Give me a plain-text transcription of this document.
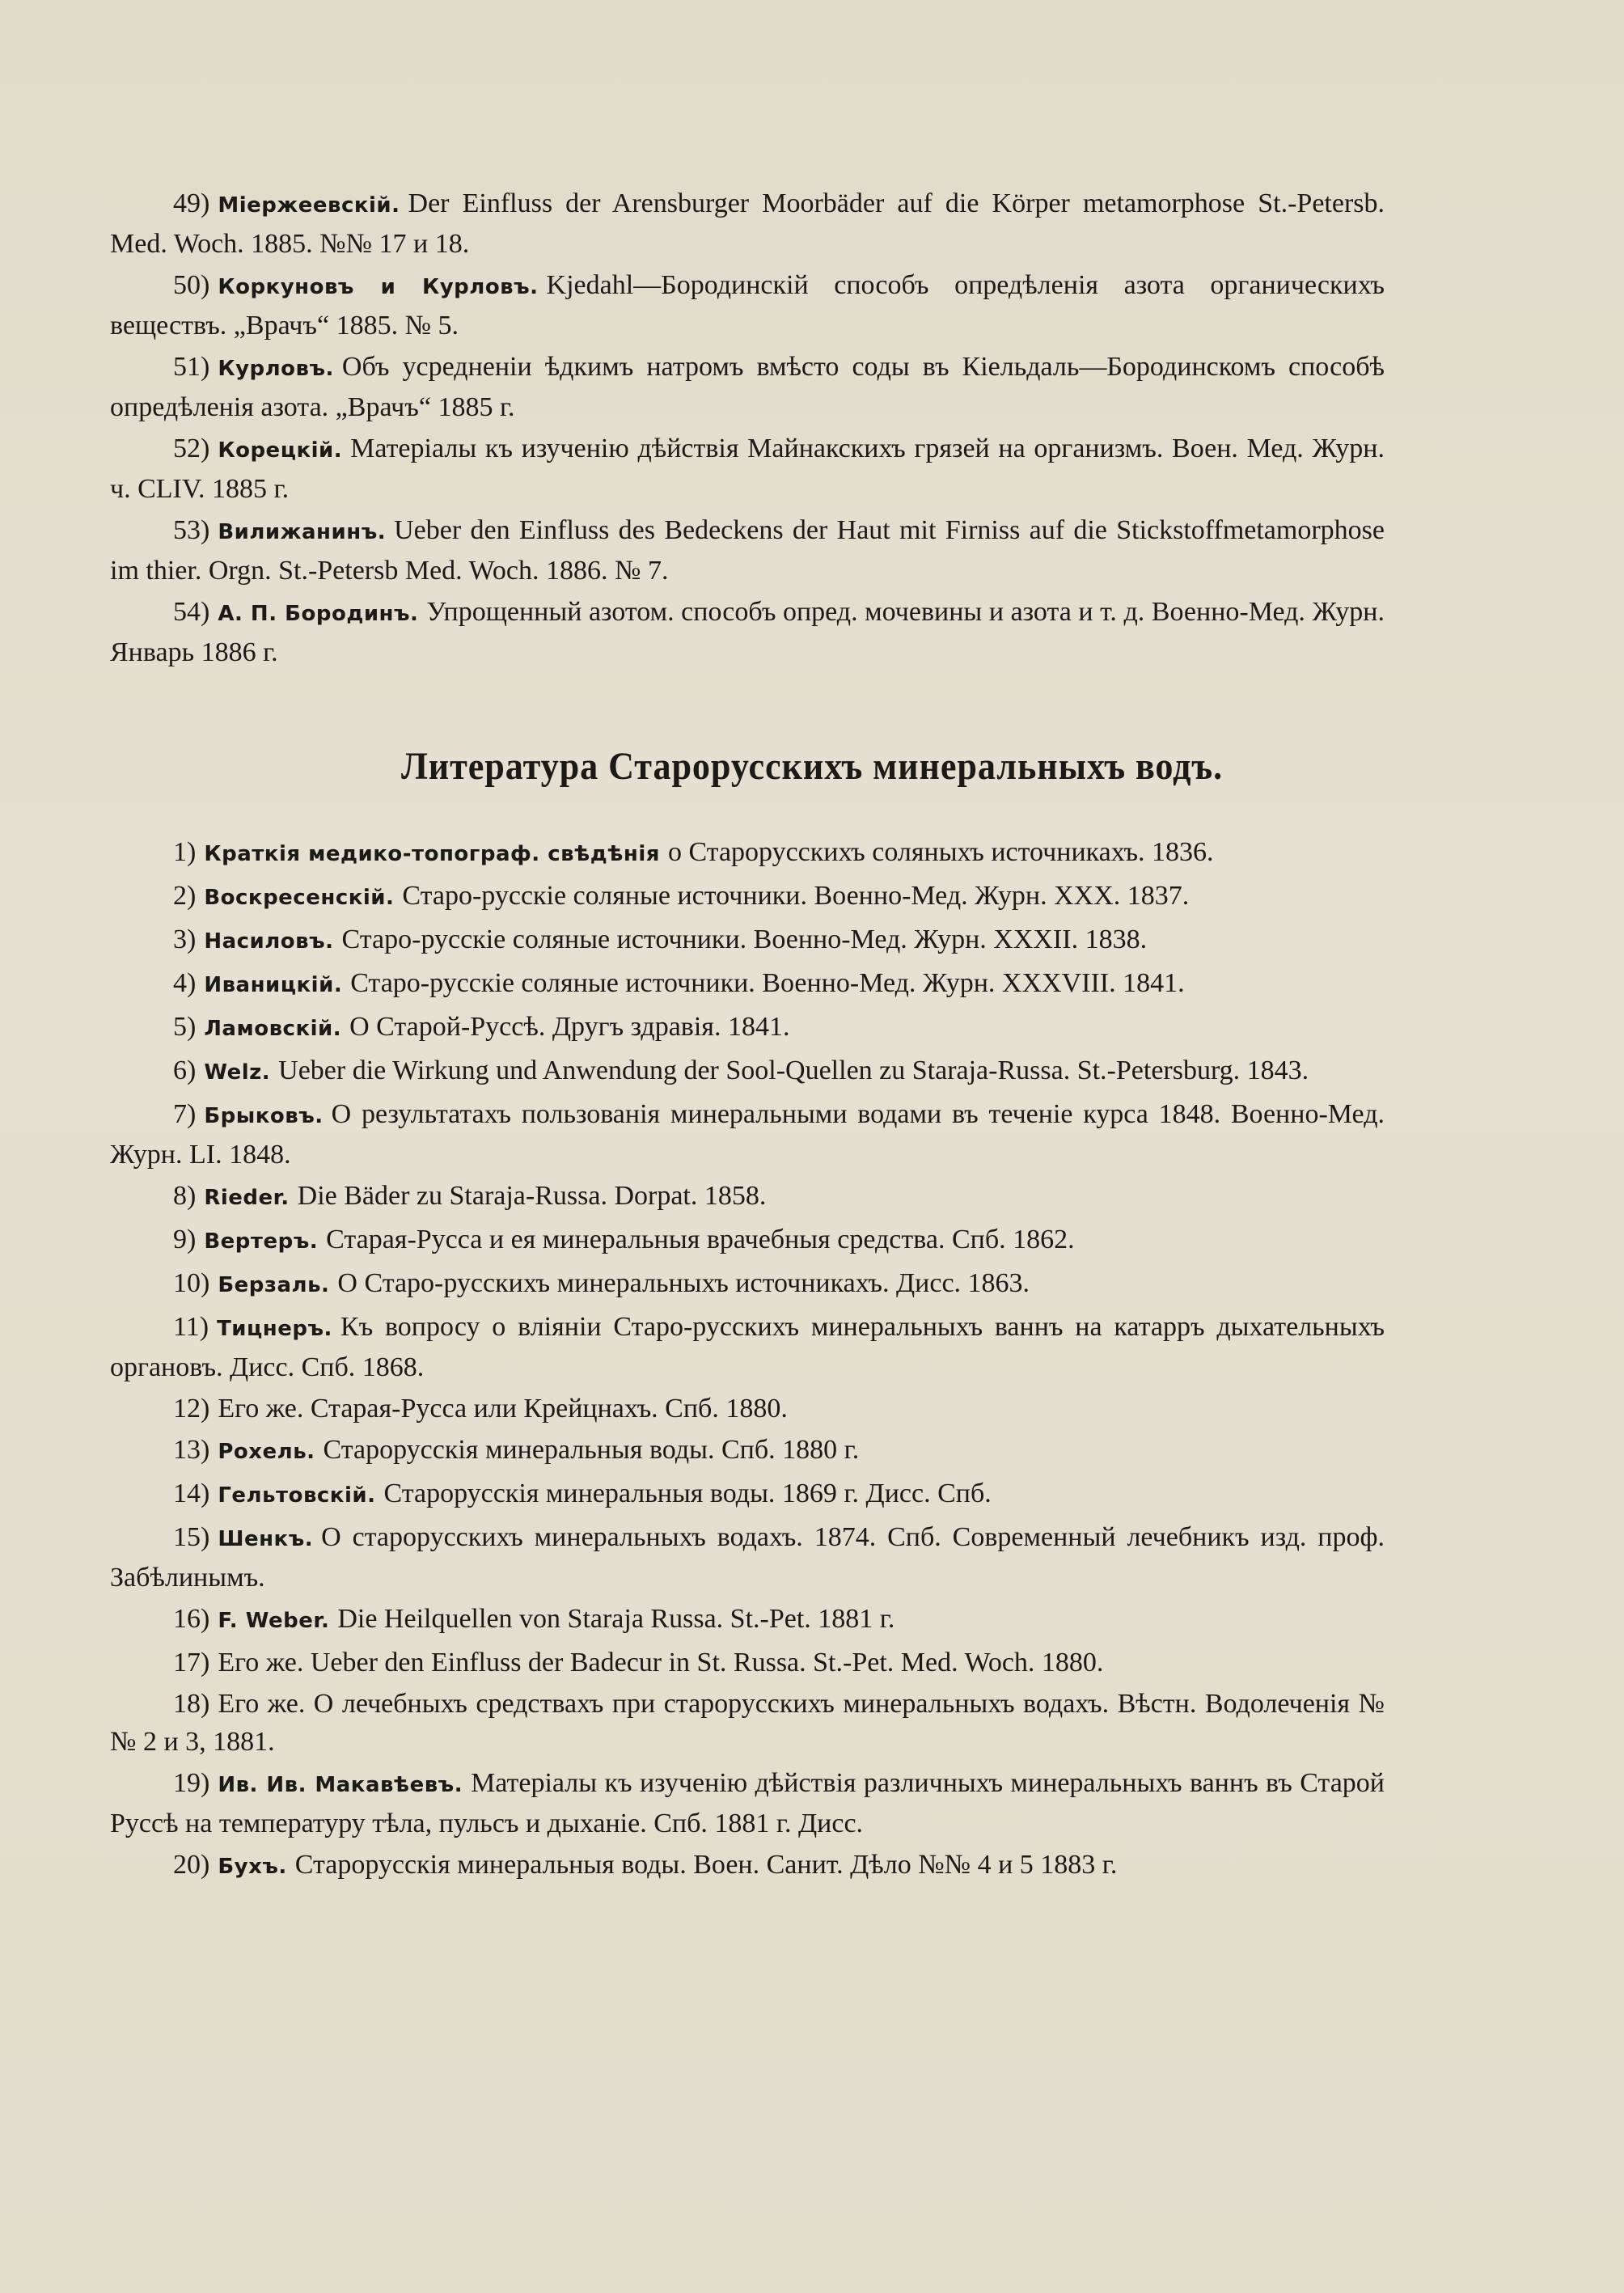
49) Міержеевскій. Der Einfluss der Arensburger Moorbäder auf die Körper metamorphose St.-Petersb. Med. Woch. 1885. №№ 17 и 18.

50) Коркуновъ и Курловъ. Kjedahl—Бородинскій способъ опредѣленія азота органическихъ веществъ. „Врачъ“ 1885. № 5.

51) Курловъ. Объ усредненіи ѣдкимъ натромъ вмѣсто соды въ Кіельдаль—Бородинскомъ способѣ опредѣленія азота. „Врачъ“ 1885 г.

52) Корецкій. Матеріалы къ изученію дѣйствія Майнакскихъ грязей на организмъ. Воен. Мед. Журн. ч. CLIV. 1885 г.

53) Вилижанинъ. Ueber den Einfluss des Bedeckens der Haut mit Firniss auf die Stickstoffmetamorphose im thier. Orgn. St.-Petersb Med. Woch. 1886. № 7.

54) А. П. Бородинъ. Упрощенный азотом. способъ опред. мочевины и азота и т. д. Военно-Мед. Журн. Январь 1886 г.

Литература Старорусскихъ минеральныхъ водъ.

1) Краткія медико-топограф. свѣдѣнія о Старорусскихъ соляныхъ источникахъ. 1836.

2) Воскресенскій. Старо-русскіе соляные источники. Военно-Мед. Журн. XXX. 1837.

3) Насиловъ. Старо-русскіе соляные источники. Военно-Мед. Журн. XXXII. 1838.

4) Иваницкій. Старо-русскіе соляные источники. Военно-Мед. Журн. XXXVIII. 1841.

5) Ламовскій. О Старой-Руссѣ. Другъ здравія. 1841.

6) Welz. Ueber die Wirkung und Anwendung der Sool-Quellen zu Staraja-Russa. St.-Petersburg. 1843.

7) Брыковъ. О результатахъ пользованія минеральными водами въ теченіе курса 1848. Военно-Мед. Журн. LI. 1848.

8) Rieder. Die Bäder zu Staraja-Russa. Dorpat. 1858.

9) Вертеръ. Старая-Русса и ея минеральныя врачебныя средства. Спб. 1862.

10) Берзаль. О Старо-русскихъ минеральныхъ источникахъ. Дисс. 1863.

11) Тицнеръ. Къ вопросу о вліяніи Старо-русскихъ минеральныхъ ваннъ на катарръ дыхательныхъ органовъ. Дисс. Спб. 1868.

12) Его же. Старая-Русса или Крейцнахъ. Спб. 1880.

13) Рохель. Старорусскія минеральныя воды. Спб. 1880 г.

14) Гельтовскій. Старорусскія минеральныя воды. 1869 г. Дисс. Спб.

15) Шенкъ. О старорусскихъ минеральныхъ водахъ. 1874. Спб. Современный лечебникъ изд. проф. Забѣлинымъ.

16) F. Weber. Die Heilquellen von Staraja Russa. St.-Pet. 1881 г.

17) Его же. Ueber den Einfluss der Badecur in St. Russa. St.-Pet. Med. Woch. 1880.

18) Его же. О лечебныхъ средствахъ при старорусскихъ минеральныхъ водахъ. Вѣстн. Водолеченія №№ 2 и 3, 1881.

19) Ив. Ив. Макавѣевъ. Матеріалы къ изученію дѣйствія различныхъ минеральныхъ ваннъ въ Старой Руссѣ на температуру тѣла, пульсъ и дыханіе. Спб. 1881 г. Дисс.

20) Бухъ. Старорусскія минеральныя воды. Воен. Санит. Дѣло №№ 4 и 5 1883 г.
